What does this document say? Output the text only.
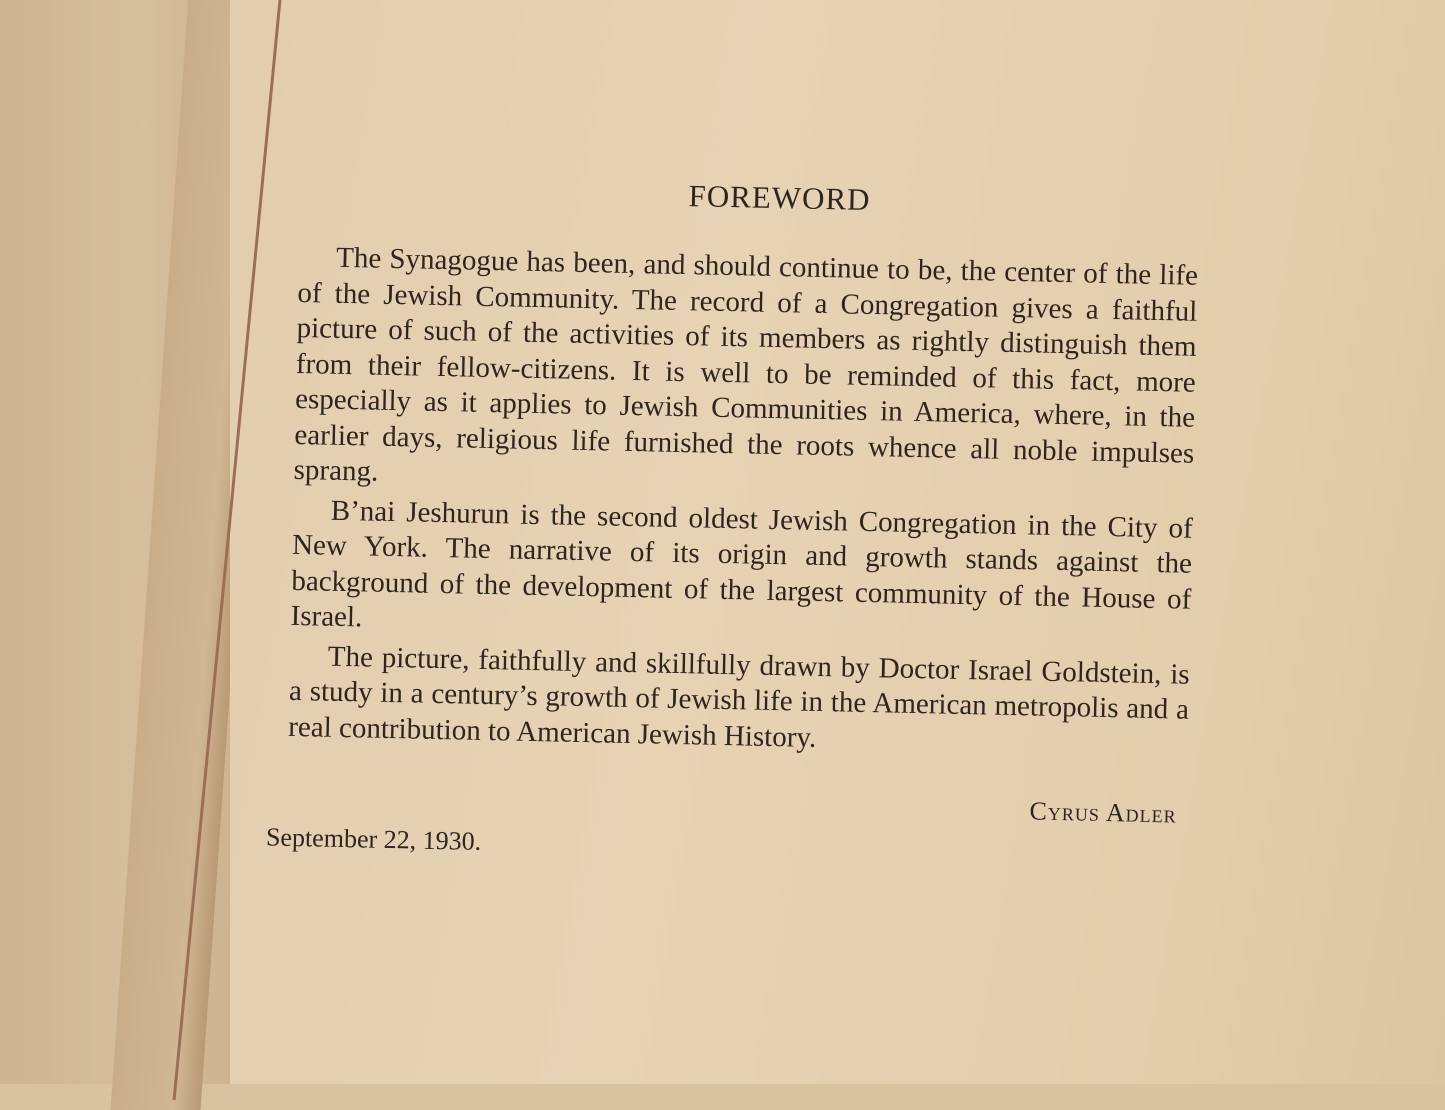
FOREWORD

The Synagogue has been, and should continue to be, the center of the life of the Jewish Community. The record of a Congregation gives a faithful picture of such of the activities of its members as rightly distinguish them from their fellow-citizens. It is well to be reminded of this fact, more especially as it applies to Jewish Communities in America, where, in the earlier days, religious life furnished the roots whence all noble impulses sprang.

B’nai Jeshurun is the second oldest Jewish Congregation in the City of New York. The narrative of its origin and growth stands against the background of the development of the largest community of the House of Israel.

The picture, faithfully and skillfully drawn by Doctor Israel Goldstein, is a study in a century’s growth of Jewish life in the American metropolis and a real contribution to American Jewish History.

Cyrus Adler
September 22, 1930.
